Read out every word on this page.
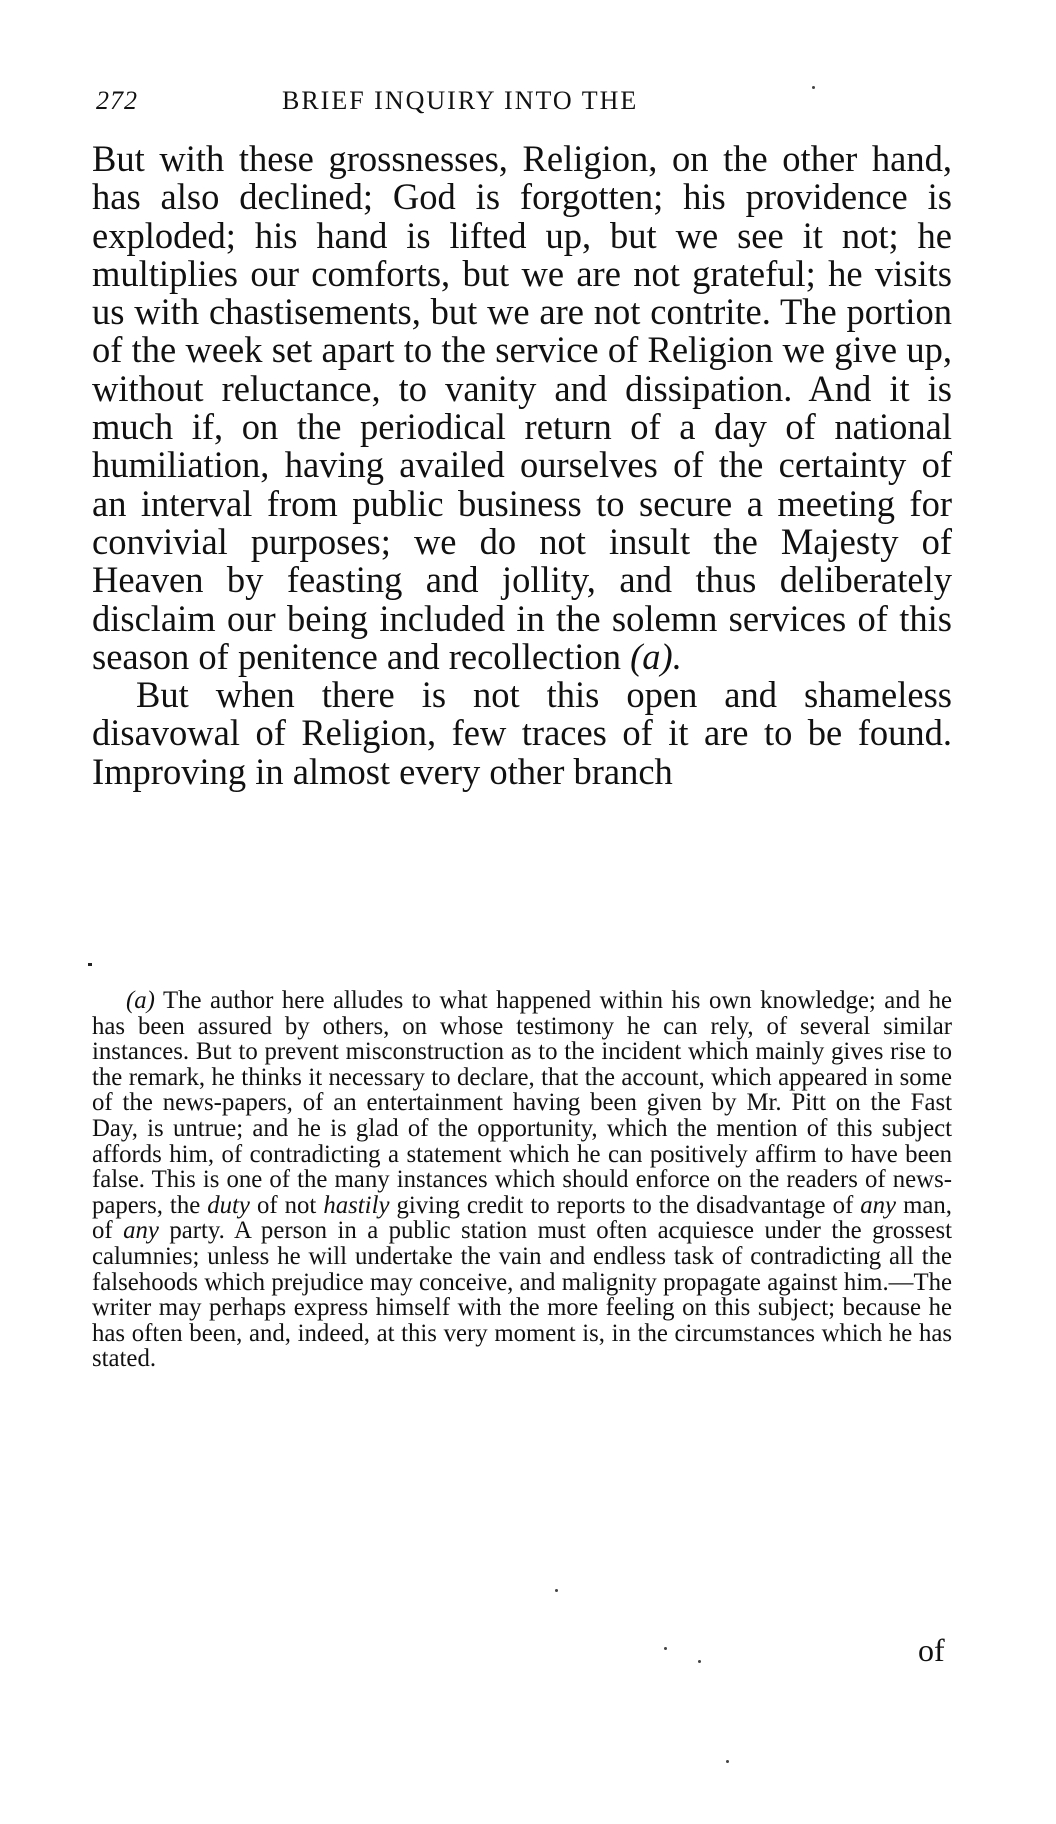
272	BRIEF INQUIRY INTO THE

But with these grossnesses, Religion, on the other hand, has also declined; God is forgotten; his providence is exploded; his hand is lifted up, but we see it not; he multiplies our comforts, but we are not grateful; he visits us with chastisements, but we are not contrite. The portion of the week set apart to the service of Religion we give up, without reluctance, to vanity and dissipation. And it is much if, on the periodical return of a day of national humiliation, having availed ourselves of the certainty of an interval from public business to secure a meeting for convivial purposes; we do not insult the Majesty of Heaven by feasting and jollity, and thus deliberately disclaim our being included in the solemn services of this season of penitence and recollection (a).

But when there is not this open and shameless disavowal of Religion, few traces of it are to be found. Improving in almost every other branch

(a) The author here alludes to what happened within his own knowledge; and he has been assured by others, on whose testimony he can rely, of several similar instances. But to prevent misconstruction as to the incident which mainly gives rise to the remark, he thinks it necessary to declare, that the account, which appeared in some of the news-papers, of an entertainment having been given by Mr. Pitt on the Fast Day, is untrue; and he is glad of the opportunity, which the mention of this subject affords him, of contradicting a statement which he can positively affirm to have been false. This is one of the many instances which should enforce on the readers of news-papers, the duty of not hastily giving credit to reports to the disadvantage of any man, of any party. A person in a public station must often acquiesce under the grossest calumnies; unless he will undertake the vain and endless task of contradicting all the falsehoods which prejudice may conceive, and malignity propagate against him.—The writer may perhaps express himself with the more feeling on this subject; because he has often been, and, indeed, at this very moment is, in the circumstances which he has stated.

of
